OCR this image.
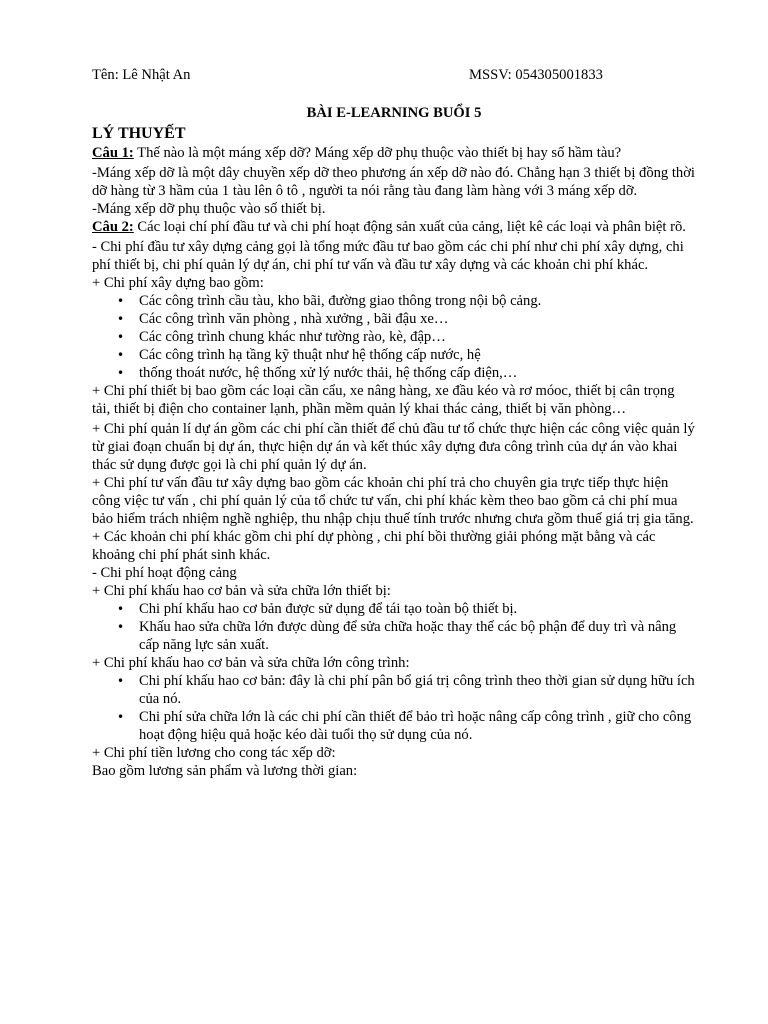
Tên: Lê Nhật An	MSSV: 054305001833
BÀI E-LEARNING BUỔI 5
LÝ THUYẾT

Câu 1: Thế nào là một máng xếp dỡ? Máng xếp dỡ phụ thuộc vào thiết bị hay số hầm tàu?

-Máng xếp dỡ là một dây chuyền xếp dỡ theo phương án xếp dỡ nào đó. Chẳng hạn 3 thiết bị đồng thời dỡ hàng từ 3 hầm của 1 tàu lên ô tô , người ta nói rằng tàu đang làm hàng với 3 máng xếp dỡ.

-Máng xếp dỡ phụ thuộc vào số thiết bị.

Câu 2: Các loại chí phí đầu tư và chi phí hoạt động sản xuất của cảng, liệt kê các loại và phân biệt rõ.

- Chi phí đầu tư xây dựng cảng gọi là tổng mức đầu tư bao gồm các chi phí như chi phí xây dựng, chi phí thiết bị, chi phí quản lý dự án, chi phí tư vấn và đầu tư xây dựng và các khoản chi phí khác.

+ Chi phí xây dựng bao gồm:

• Các công trình cầu tàu, kho bãi, đường giao thông trong nội bộ cảng.
• Các công trình văn phòng , nhà xưởng , bãi đậu xe…
• Các công trình chung khác như tường rào, kè, đập…
• Các công trình hạ tầng kỹ thuật như hệ thống cấp nước, hệ
• thống thoát nước, hệ thống xử lý nước thải, hệ thống cấp điện,…

+ Chi phí thiết bị bao gồm các loại cần cẩu, xe nâng hàng, xe đầu kéo và rơ móoc, thiết bị cân trọng tải, thiết bị điện cho container lạnh, phần mềm quản lý khai thác cảng, thiết bị văn phòng…

+ Chi phí quản lí dự án gồm các chi phí cần thiết để chủ đầu tư tổ chức thực hiện các công việc quản lý từ giai đoạn chuẩn bị dự án, thực hiện dự án và kết thúc xây dựng đưa công trình của dự án vào khai thác sử dụng được gọi là chi phí quản lý dự án.

+ Chi phí tư vấn đầu tư xây dựng bao gồm các khoản chi phí trả cho chuyên gia trực tiếp thực hiện công việc tư vấn , chi phí quản lý của tổ chức tư vấn, chi phí khác kèm theo bao gồm cả chi phí mua bảo hiểm trách nhiệm nghề nghiệp, thu nhập chịu thuế tính trước nhưng chưa gồm thuế giá trị gia tăng.

+ Các khoản chi phí khác gồm chi phí dự phòng , chi phí bồi thường giải phóng mặt bằng và các khoảng chi phí phát sinh khác.

- Chi phí hoạt động cảng

+ Chi phí khấu hao cơ bản và sửa chữa lớn thiết bị:

• Chi phí khấu hao cơ bản được sử dụng để tái tạo toàn bộ thiết bị.
• Khấu hao sửa chữa lớn được dùng để sửa chữa hoặc thay thế các bộ phận để duy trì và nâng cấp năng lực sản xuất.

+ Chi phí khấu hao cơ bản và sửa chữa lớn công trình:

• Chi phí khấu hao cơ bản: đây là chi phí pân bổ giá trị công trình theo thời gian sử dụng hữu ích của nó.
• Chi phí sửa chữa lớn là các chi phí cần thiết để bảo trì hoặc nâng cấp công trình , giữ cho công hoạt động hiệu quả hoặc kéo dài tuổi thọ sử dụng của nó.

+ Chi phí tiền lương cho cong tác xếp dỡ:

Bao gồm lương sản phẩm và lương thời gian:
